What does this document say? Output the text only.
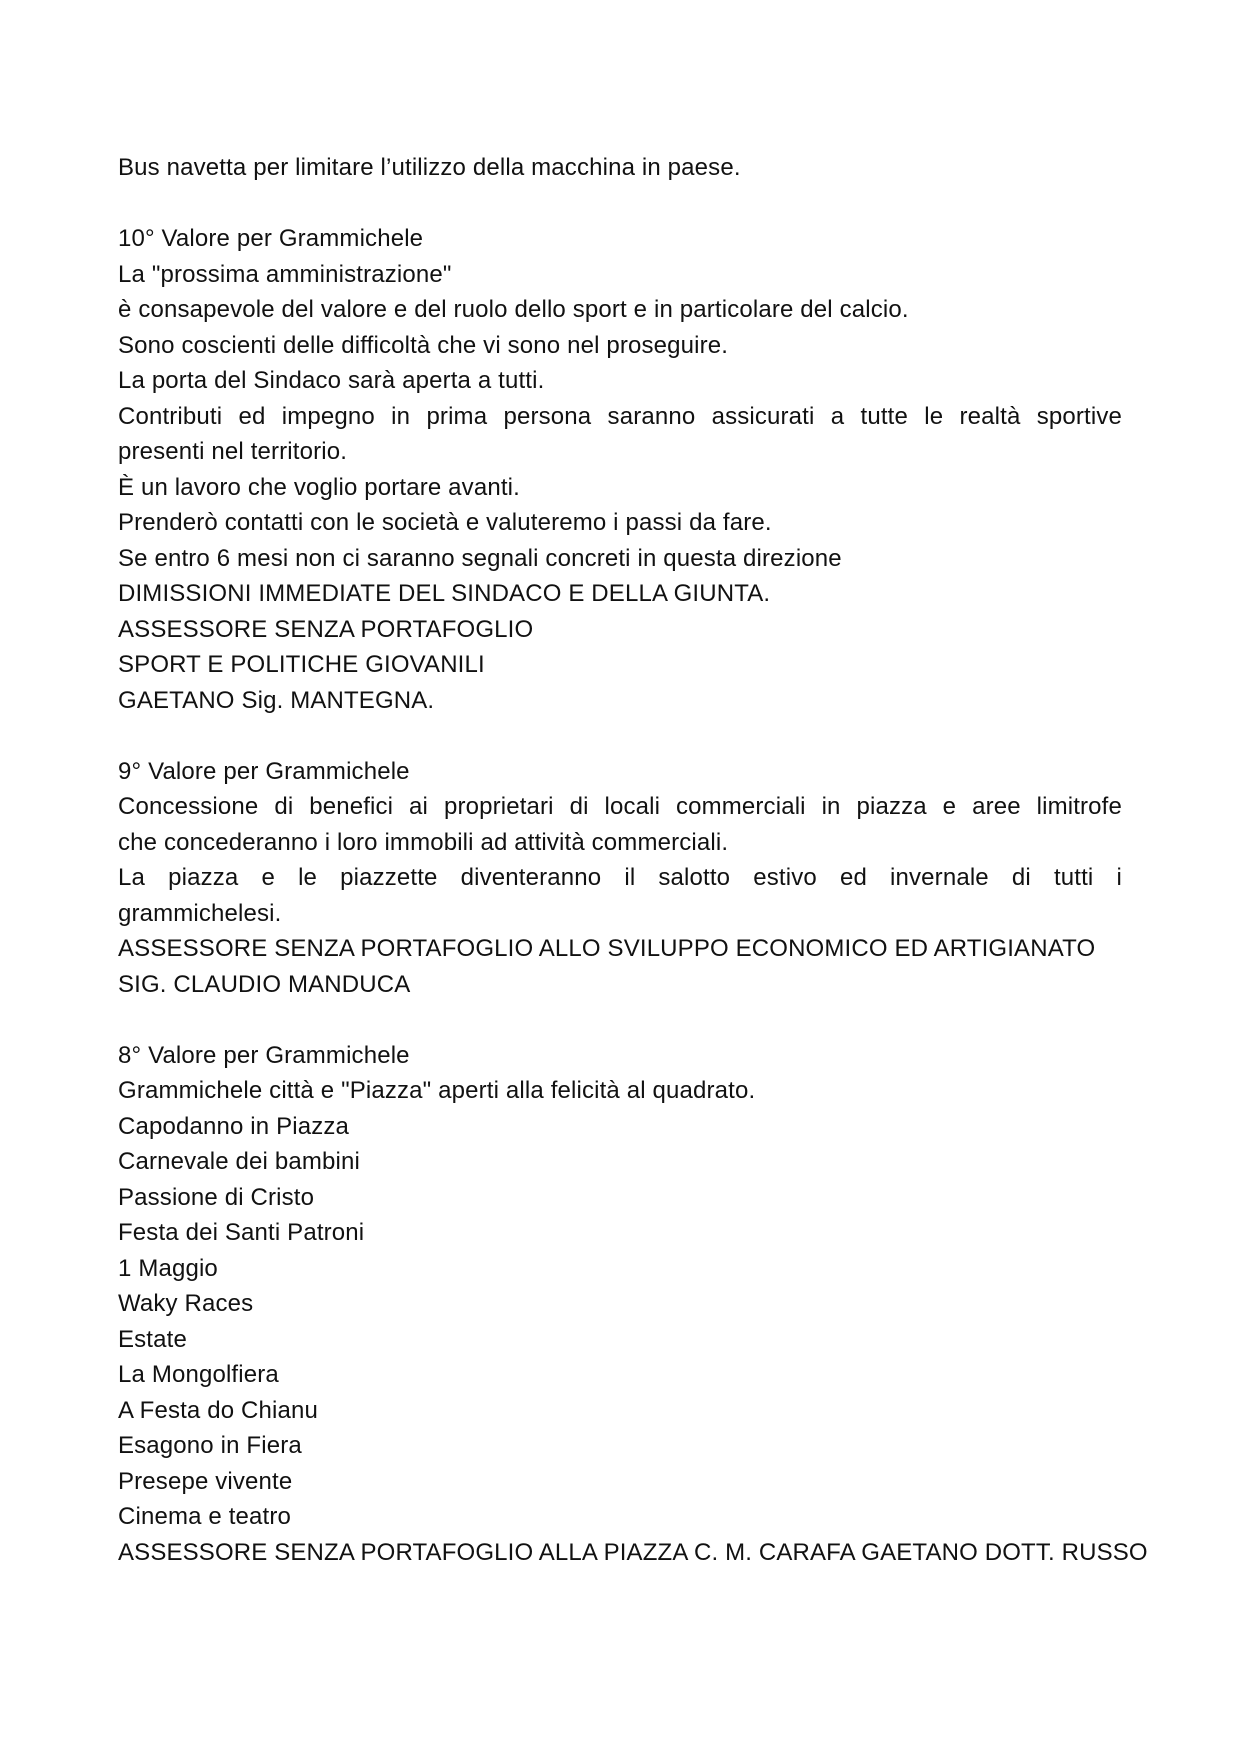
Bus navetta per limitare l’utilizzo della macchina in paese.
10° Valore per Grammichele
La "prossima amministrazione"
è consapevole del valore e del ruolo dello sport e in particolare del calcio.
Sono coscienti delle difficoltà che vi sono nel proseguire.
La porta del Sindaco sarà aperta a tutti.
Contributi ed impegno in prima persona saranno assicurati a tutte le realtà sportive
presenti nel territorio.
È un lavoro che voglio portare avanti.
Prenderò contatti con le società e valuteremo i passi da fare.
Se entro 6 mesi non ci saranno segnali concreti in questa direzione
DIMISSIONI IMMEDIATE DEL SINDACO E DELLA GIUNTA.
ASSESSORE SENZA PORTAFOGLIO
SPORT E POLITICHE GIOVANILI
GAETANO Sig. MANTEGNA.
9° Valore per Grammichele
Concessione di benefici ai proprietari di locali commerciali in piazza e aree limitrofe
che concederanno i loro immobili ad attività commerciali.
La piazza e le piazzette diventeranno il salotto estivo ed invernale di tutti i
grammichelesi.
ASSESSORE SENZA PORTAFOGLIO ALLO SVILUPPO ECONOMICO ED ARTIGIANATO
SIG. CLAUDIO MANDUCA
8° Valore per Grammichele
Grammichele città e "Piazza" aperti alla felicità al quadrato.
Capodanno in Piazza
Carnevale dei bambini
Passione di Cristo
Festa dei Santi Patroni
1 Maggio
Waky Races
Estate
La Mongolfiera
A Festa do Chianu
Esagono in Fiera
Presepe vivente
Cinema e teatro
ASSESSORE SENZA PORTAFOGLIO ALLA PIAZZA C. M. CARAFA GAETANO DOTT. RUSSO
